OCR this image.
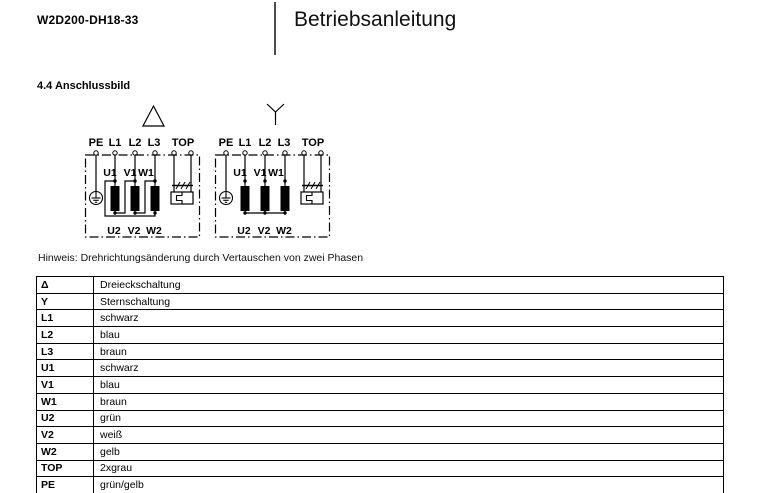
W2D200-DH18-33	Betriebsanleitung
4.4 Anschlussbild
PE L1 L2 L3 TOP
U1 V1 W1
U2 V2 W2
PE L1 L2 L3 TOP
U1 V1 W1
U2 V2 W2
Hinweis: Drehrichtungsänderung durch Vertauschen von zwei Phasen
Δ	Dreieckschaltung
Y	Sternschaltung
L1	schwarz
L2	blau
L3	braun
U1	schwarz
V1	blau
W1	braun
U2	grün
V2	weiß
W2	gelb
TOP	2xgrau
PE	grün/gelb
